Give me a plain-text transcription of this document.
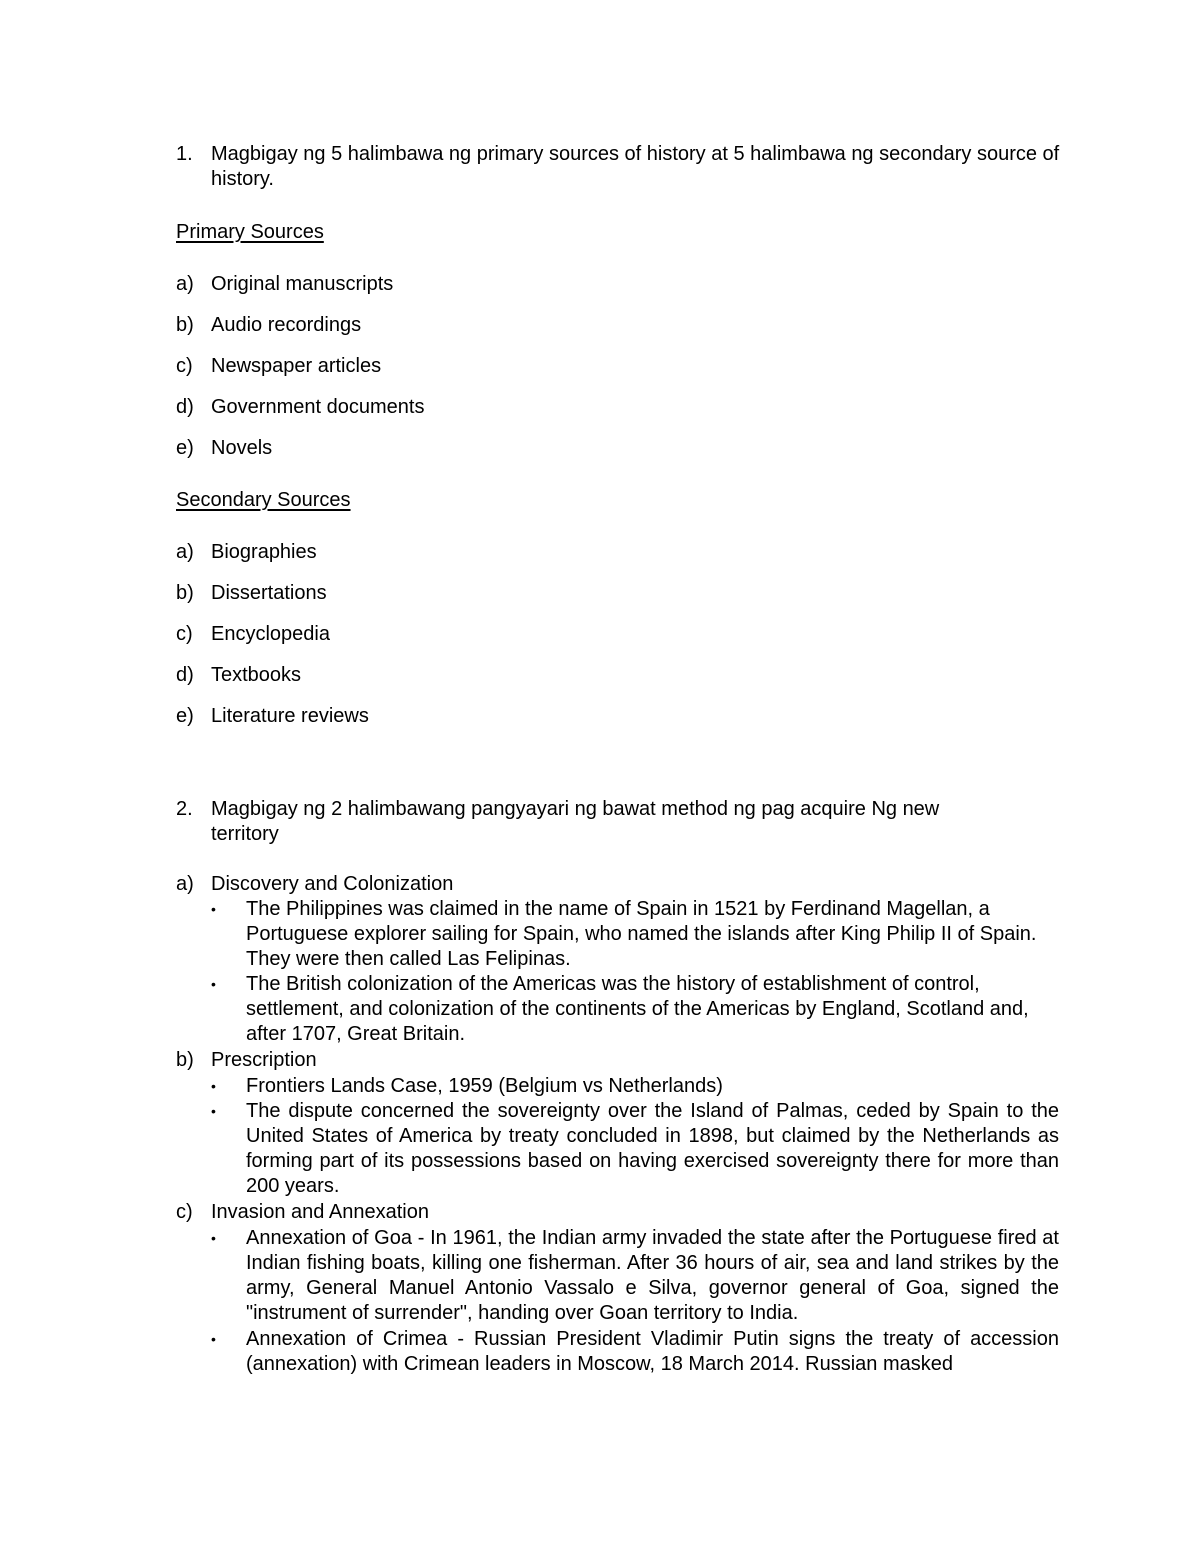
1. Magbigay ng 5 halimbawa ng primary sources of history at 5 halimbawa ng secondary source of history.
Primary Sources
a) Original manuscripts
b) Audio recordings
c) Newspaper articles
d) Government documents
e) Novels
Secondary Sources
a) Biographies
b) Dissertations
c) Encyclopedia
d) Textbooks
e) Literature reviews
2. Magbigay ng 2 halimbawang pangyayari ng bawat method ng pag acquire Ng new territory
a) Discovery and Colonization
• The Philippines was claimed in the name of Spain in 1521 by Ferdinand Magellan, a Portuguese explorer sailing for Spain, who named the islands after King Philip II of Spain. They were then called Las Felipinas.
• The British colonization of the Americas was the history of establishment of control, settlement, and colonization of the continents of the Americas by England, Scotland and, after 1707, Great Britain.
b) Prescription
• Frontiers Lands Case, 1959 (Belgium vs Netherlands)
• The dispute concerned the sovereignty over the Island of Palmas, ceded by Spain to the United States of America by treaty concluded in 1898, but claimed by the Netherlands as forming part of its possessions based on having exercised sovereignty there for more than 200 years.
c) Invasion and Annexation
• Annexation of Goa - In 1961, the Indian army invaded the state after the Portuguese fired at Indian fishing boats, killing one fisherman. After 36 hours of air, sea and land strikes by the army, General Manuel Antonio Vassalo e Silva, governor general of Goa, signed the "instrument of surrender", handing over Goan territory to India.
• Annexation of Crimea - Russian President Vladimir Putin signs the treaty of accession (annexation) with Crimean leaders in Moscow, 18 March 2014. Russian masked
